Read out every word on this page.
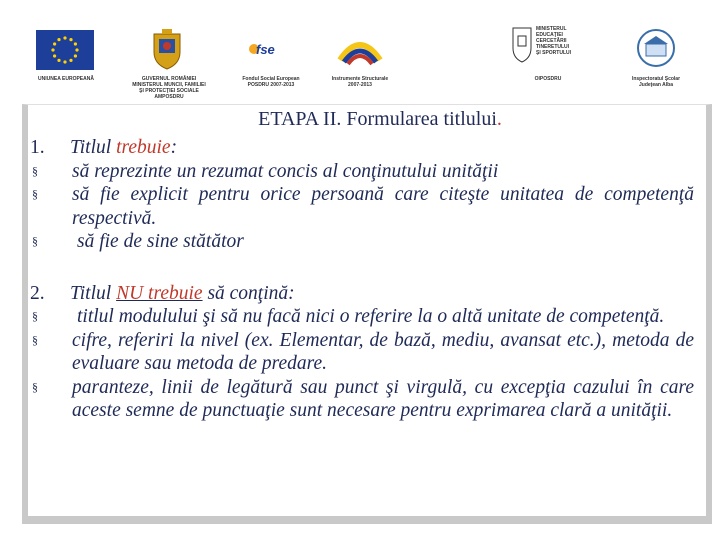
UNIUNEA EUROPEANĂ	GUVERNUL ROMÂNIEI
MINISTERUL MUNCII, FAMILIEI
ŞI PROTECŢIEI SOCIALE
AMPOSDRU
fse
Fondul Social European
POSDRU 2007-2013
Instrumente Structurale
2007-2013
MINISTERUL
EDUCAŢIEI
CERCETĂRII
TINERETULUI
ŞI SPORTULUI
OIPOSDRU	Inspectoratul Şcolar
Judeţean Alba
ETAPA II. Formularea titlului.
1.	Titlul trebuie:
§	să reprezinte un rezumat concis al conţinutului unităţii
§	să fie explicit pentru orice persoană care citeşte unitatea de competenţă respectivă.
§	să fie de sine stătător
2.	Titlul NU trebuie să conţină:
§	titlul modulului şi să nu facă nici o referire la o altă unitate de competenţă.
§	cifre, referiri la nivel (ex. Elementar, de bază, mediu, avansat etc.), metoda de evaluare sau metoda de predare.
§	paranteze, linii de legătură sau punct şi virgulă, cu excepţia cazului în care aceste semne de punctuaţie sunt necesare pentru exprimarea clară a unităţii.
